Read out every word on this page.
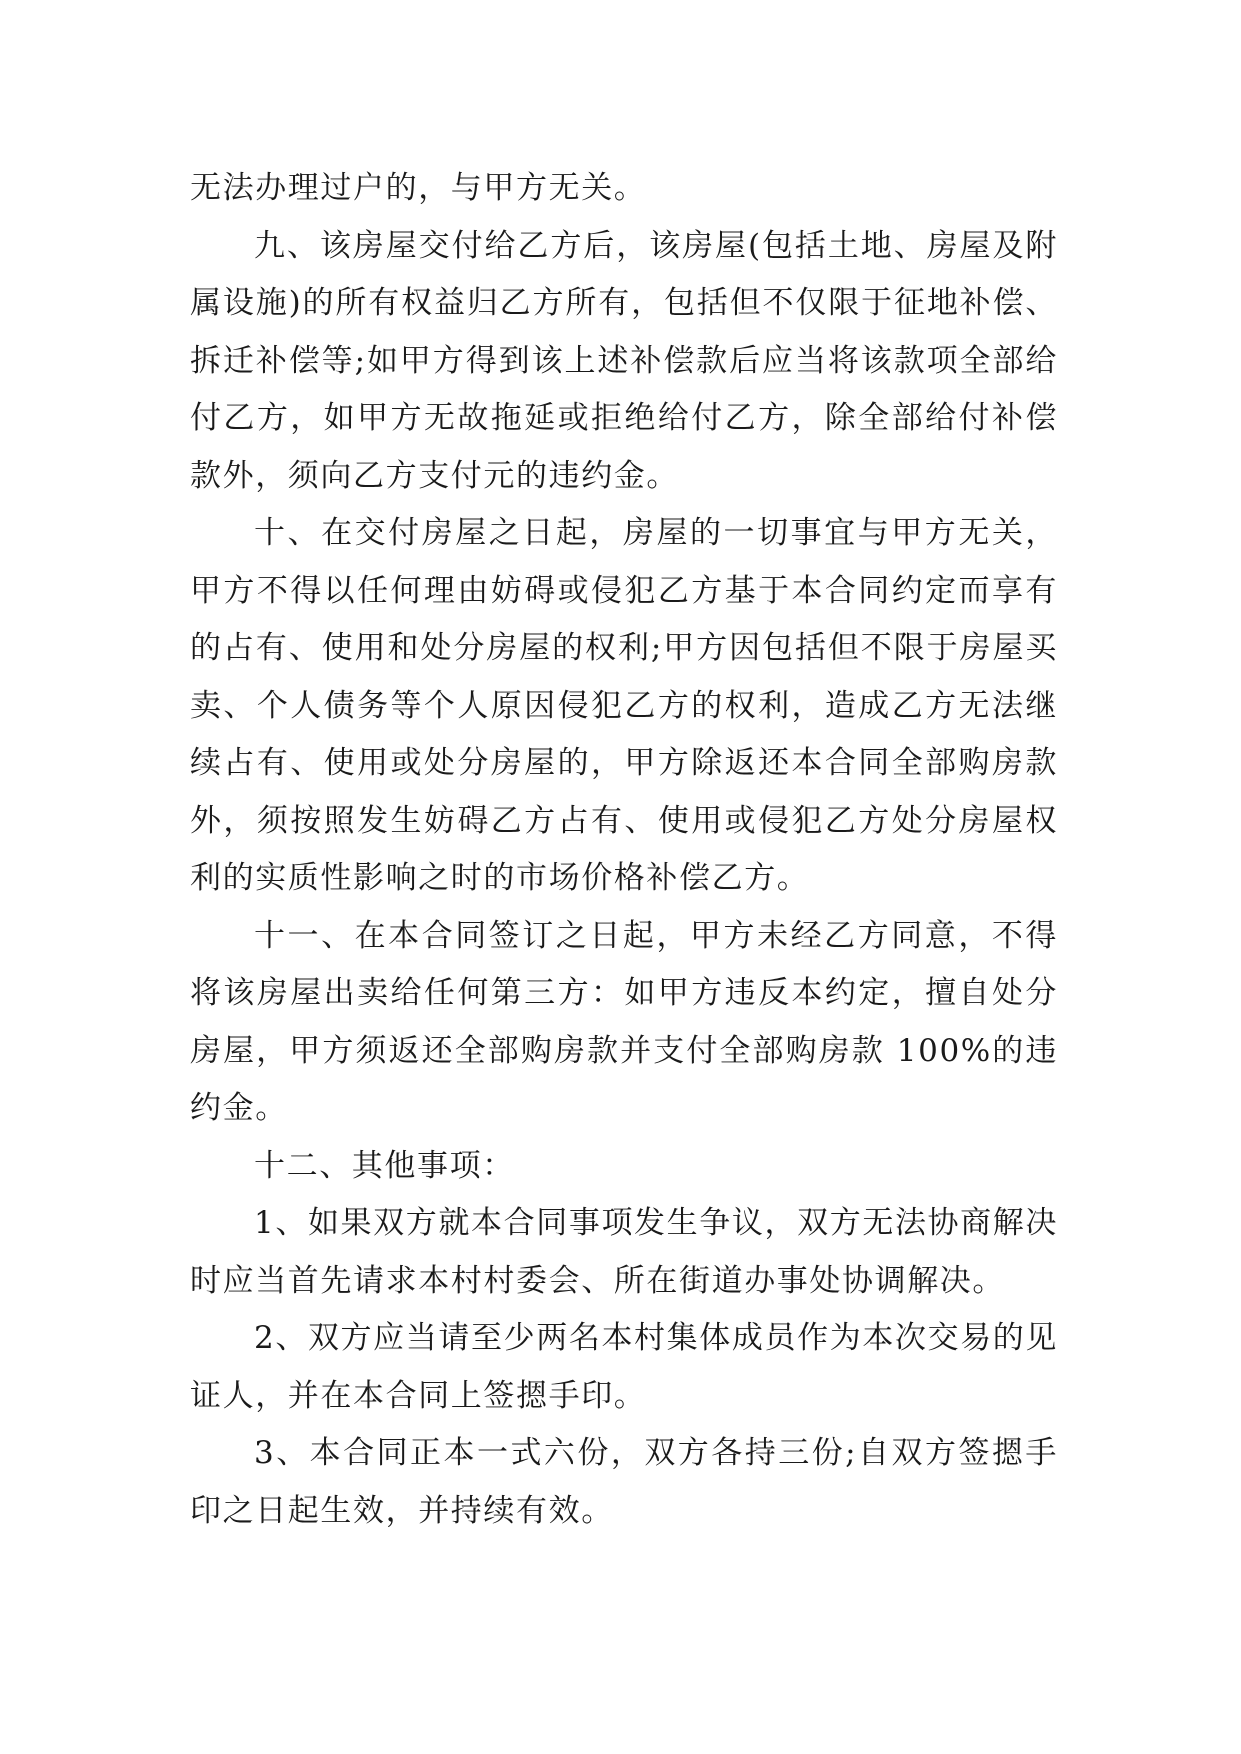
无法办理过户的，与甲方无关。

九、该房屋交付给乙方后，该房屋(包括土地、房屋及附属设施)的所有权益归乙方所有，包括但不仅限于征地补偿、拆迁补偿等;如甲方得到该上述补偿款后应当将该款项全部给付乙方，如甲方无故拖延或拒绝给付乙方，除全部给付补偿款外，须向乙方支付元的违约金。

十、在交付房屋之日起，房屋的一切事宜与甲方无关，甲方不得以任何理由妨碍或侵犯乙方基于本合同约定而享有的占有、使用和处分房屋的权利;甲方因包括但不限于房屋买卖、个人债务等个人原因侵犯乙方的权利，造成乙方无法继续占有、使用或处分房屋的，甲方除返还本合同全部购房款外，须按照发生妨碍乙方占有、使用或侵犯乙方处分房屋权利的实质性影响之时的市场价格补偿乙方。

十一、在本合同签订之日起，甲方未经乙方同意，不得将该房屋出卖给任何第三方：如甲方违反本约定，擅自处分房屋，甲方须返还全部购房款并支付全部购房款 100%的违约金。

十二、其他事项：

1、如果双方就本合同事项发生争议，双方无法协商解决时应当首先请求本村村委会、所在街道办事处协调解决。

2、双方应当请至少两名本村集体成员作为本次交易的见证人，并在本合同上签摁手印。

3、本合同正本一式六份，双方各持三份;自双方签摁手印之日起生效，并持续有效。
